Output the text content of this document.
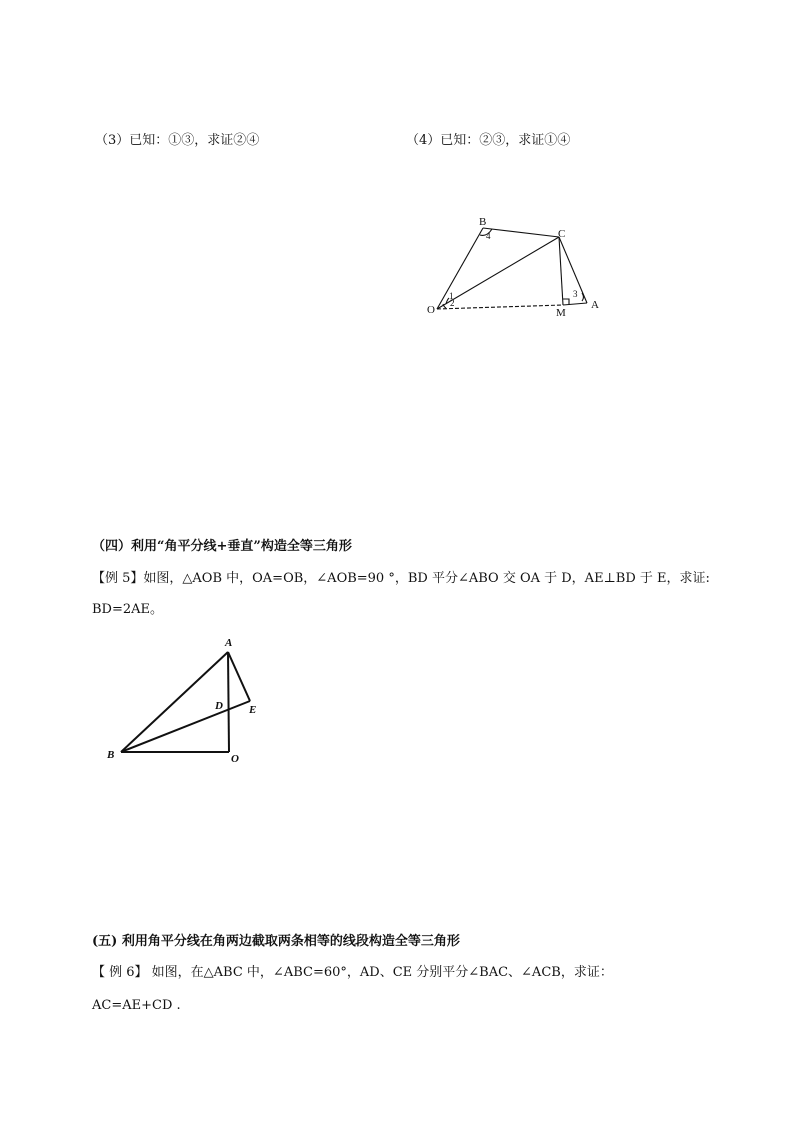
（3）已知：①③，求证②④	（4）已知：②③，求证①④
B
C
O	M
A
4
1
2
3
（四）利用“角平分线+垂直”构造全等三角形
【例 5】如图，△AOB 中，OA=OB，∠AOB=90 °，BD 平分∠ABO 交 OA 于 D，AE⊥BD 于 E，求证:
BD=2AE。
A
D E
B	O
(五) 利用角平分线在角两边截取两条相等的线段构造全等三角形
【 例 6】 如图，在△ABC 中，∠ABC=60°，AD、CE 分别平分∠BAC、∠ACB，求证：
AC=AE+CD .
